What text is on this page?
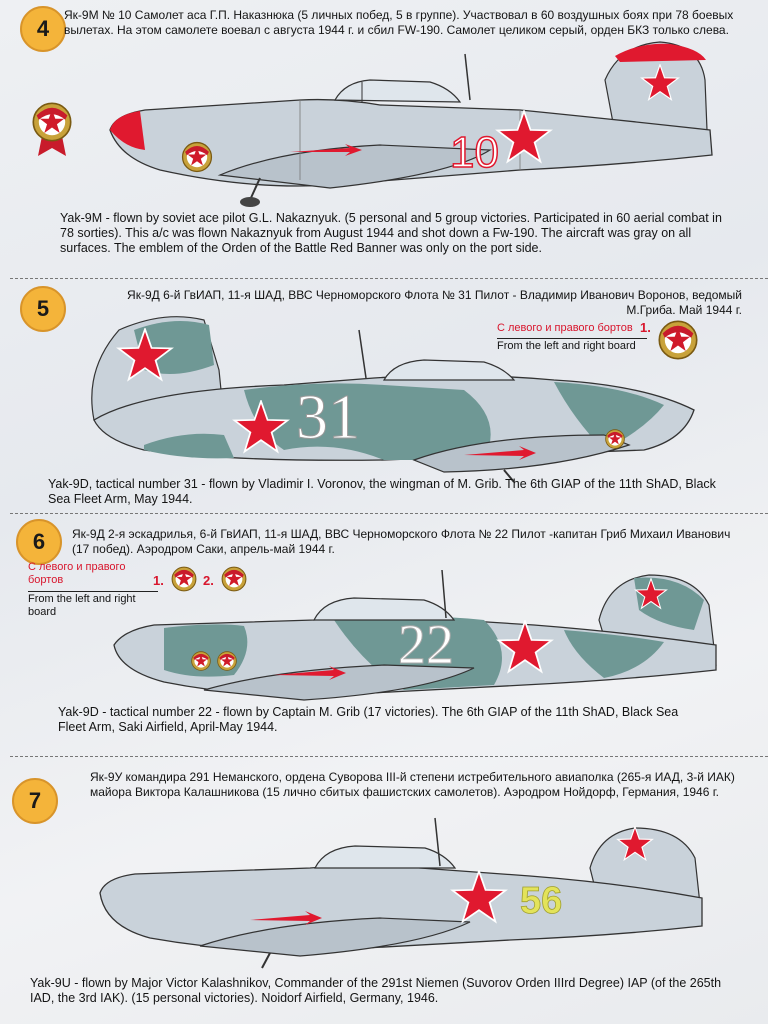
4
Як-9М № 10 Самолет аса Г.П. Наказнюка (5 личных побед, 5 в группе). Участвовал в 60 воздушных боях при 78 боевых вылетах. На этом самолете воевал с августа 1944 г. и сбил FW-190. Самолет целиком серый, орден БКЗ только слева.
10
Yak-9M - flown by soviet ace pilot G.L. Nakaznyuk. (5 personal and 5 group victories. Participated in 60 aerial combat in 78 sorties). This a/c was flown Nakaznyuk from August 1944 and shot down a Fw-190. The aircraft was gray on all surfaces. The emblem of the Orden of the Battle Red Banner was only on the port side.
5
Як-9Д 6-й ГвИАП, 11-я ШАД, ВВС Черноморского Флота № 31 Пилот - Владимир Иванович Воронов, ведомый М.Гриба. Май 1944 г.
31
С левого и правого бортов
From the left and right board
1.
Yak-9D, tactical number 31 - flown by Vladimir I. Voronov, the wingman of M. Grib. The 6th GIAP of the 11th ShAD, Black Sea Fleet Arm, May 1944.
6	Як-9Д 2-я эскадрилья, 6-й ГвИАП, 11-я ШАД, ВВС Черноморского Флота № 22 Пилот -капитан Гриб Михаил Иванович (17 побед). Аэродром Саки, апрель-май 1944 г.
С левого и правого бортов
From the left and right board
1.	2.
22
Yak-9D - tactical number 22 - flown by Captain M. Grib (17 victories). The 6th GIAP of the 11th ShAD, Black Sea Fleet Arm, Saki Airfield, April-May 1944.
7
Як-9У командира 291 Неманского, ордена Суворова III-й степени истребительного авиаполка (265-я ИАД, 3-й ИАК) майора Виктора Калашникова (15 лично сбитых фашистских самолетов). Аэродром Нойдорф, Германия, 1946 г.
56
Yak-9U - flown by Major Victor Kalashnikov, Commander of the 291st Niemen (Suvorov Orden IIIrd Degree) IAP (of the 265th IAD, the 3rd IAK). (15 personal victories). Noidorf Airfield, Germany, 1946.
